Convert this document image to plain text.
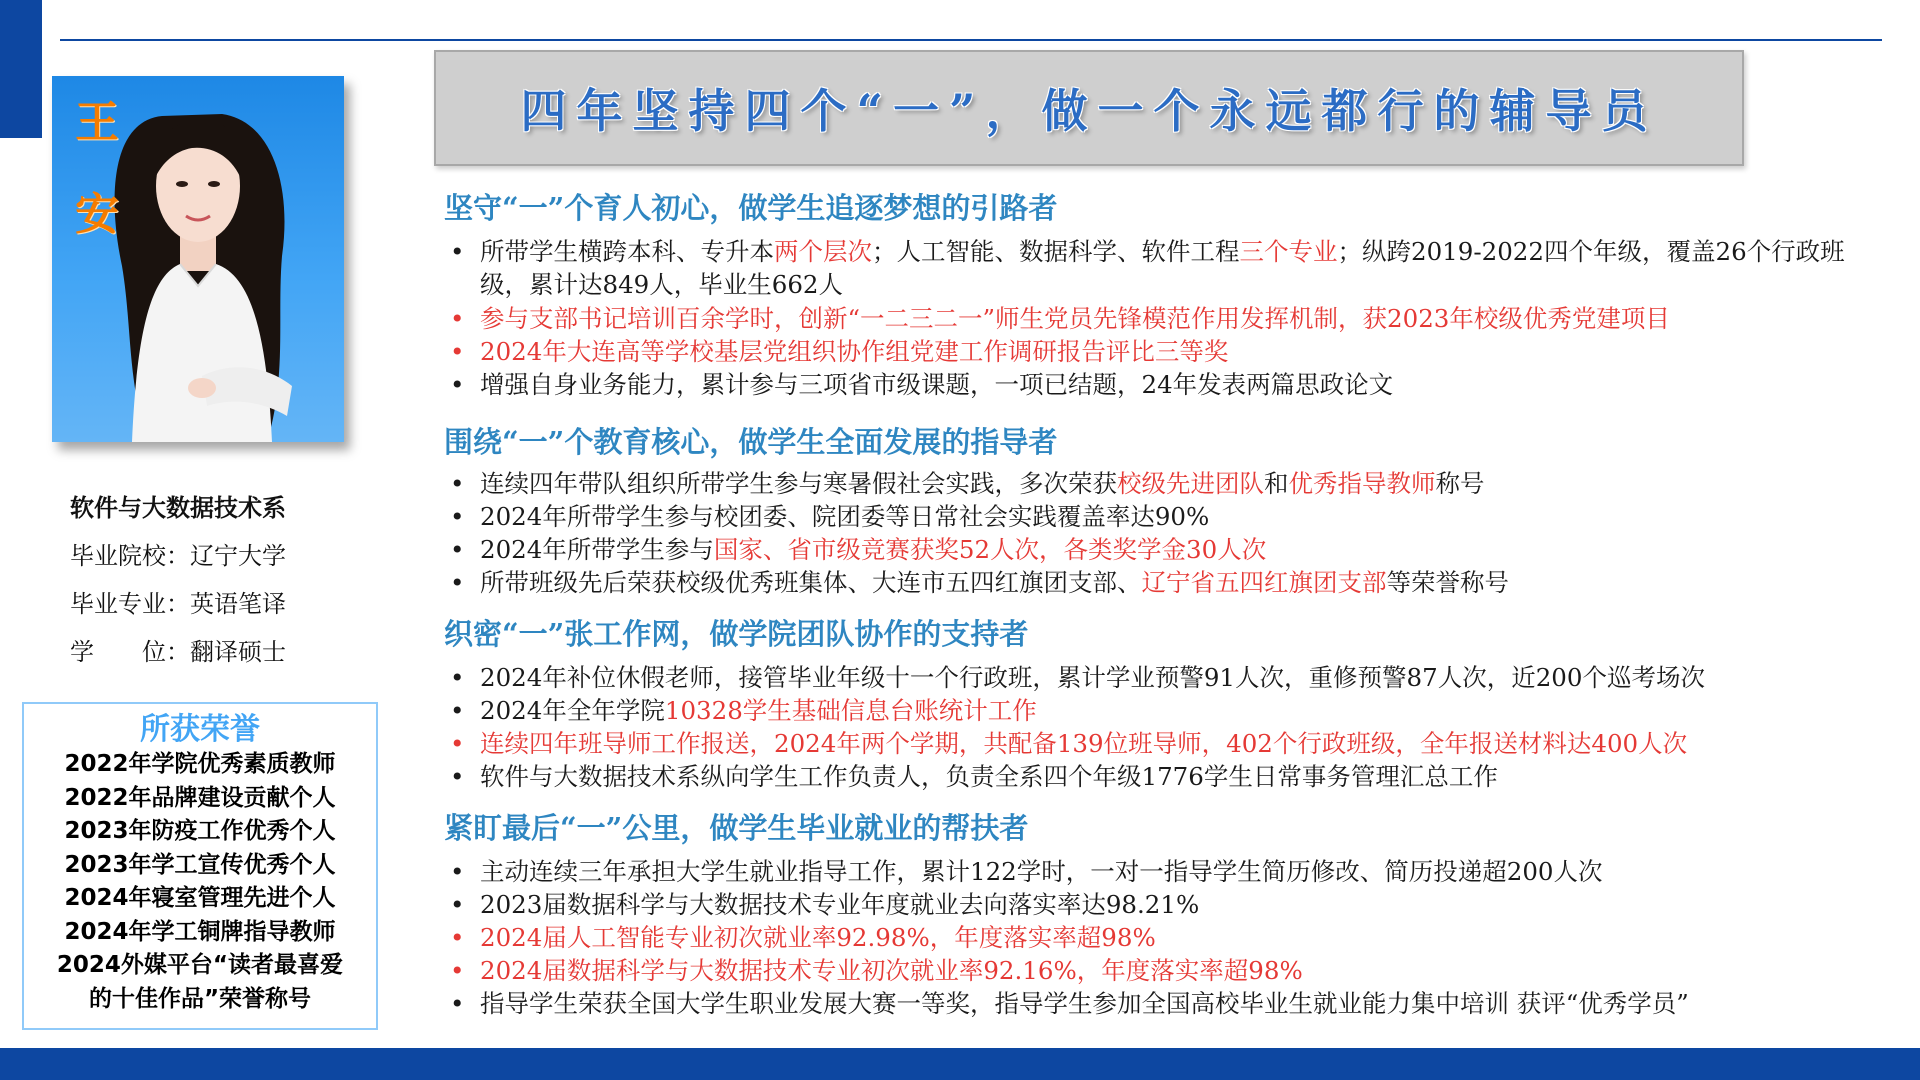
王
安
软件与大数据技术系
毕业院校：辽宁大学
毕业专业：英语笔译
学　　位：翻译硕士
所获荣誉
2022年学院优秀素质教师
2022年品牌建设贡献个人
2023年防疫工作优秀个人
2023年学工宣传优秀个人
2024年寝室管理先进个人
2024年学工铜牌指导教师
2024外媒平台“读者最喜爱
的十佳作品”荣誉称号
四年坚持四个“一”，做一个永远都行的辅导员
坚守“一”个育人初心，做学生追逐梦想的引路者
• 所带学生横跨本科、专升本两个层次；人工智能、数据科学、软件工程三个专业；纵跨2019-2022四个年级，覆盖26个行政班级，累计达849人，毕业生662人
• 参与支部书记培训百余学时，创新“一二三二一”师生党员先锋模范作用发挥机制，获2023年校级优秀党建项目
• 2024年大连高等学校基层党组织协作组党建工作调研报告评比三等奖
• 增强自身业务能力，累计参与三项省市级课题，一项已结题，24年发表两篇思政论文
围绕“一”个教育核心，做学生全面发展的指导者
• 连续四年带队组织所带学生参与寒暑假社会实践，多次荣获校级先进团队和优秀指导教师称号
• 2024年所带学生参与校团委、院团委等日常社会实践覆盖率达90%
• 2024年所带学生参与国家、省市级竞赛获奖52人次，各类奖学金30人次
• 所带班级先后荣获校级优秀班集体、大连市五四红旗团支部、辽宁省五四红旗团支部等荣誉称号
织密“一”张工作网，做学院团队协作的支持者
• 2024年补位休假老师，接管毕业年级十一个行政班，累计学业预警91人次，重修预警87人次，近200个巡考场次
• 2024年全年学院10328学生基础信息台账统计工作
• 连续四年班导师工作报送，2024年两个学期，共配备139位班导师，402个行政班级，全年报送材料达400人次
• 软件与大数据技术系纵向学生工作负责人，负责全系四个年级1776学生日常事务管理汇总工作
紧盯最后“一”公里，做学生毕业就业的帮扶者
• 主动连续三年承担大学生就业指导工作，累计122学时，一对一指导学生简历修改、简历投递超200人次
• 2023届数据科学与大数据技术专业年度就业去向落实率达98.21%
• 2024届人工智能专业初次就业率92.98%，年度落实率超98%
• 2024届数据科学与大数据技术专业初次就业率92.16%，年度落实率超98%
• 指导学生荣获全国大学生职业发展大赛一等奖，指导学生参加全国高校毕业生就业能力集中培训 获评“优秀学员”
